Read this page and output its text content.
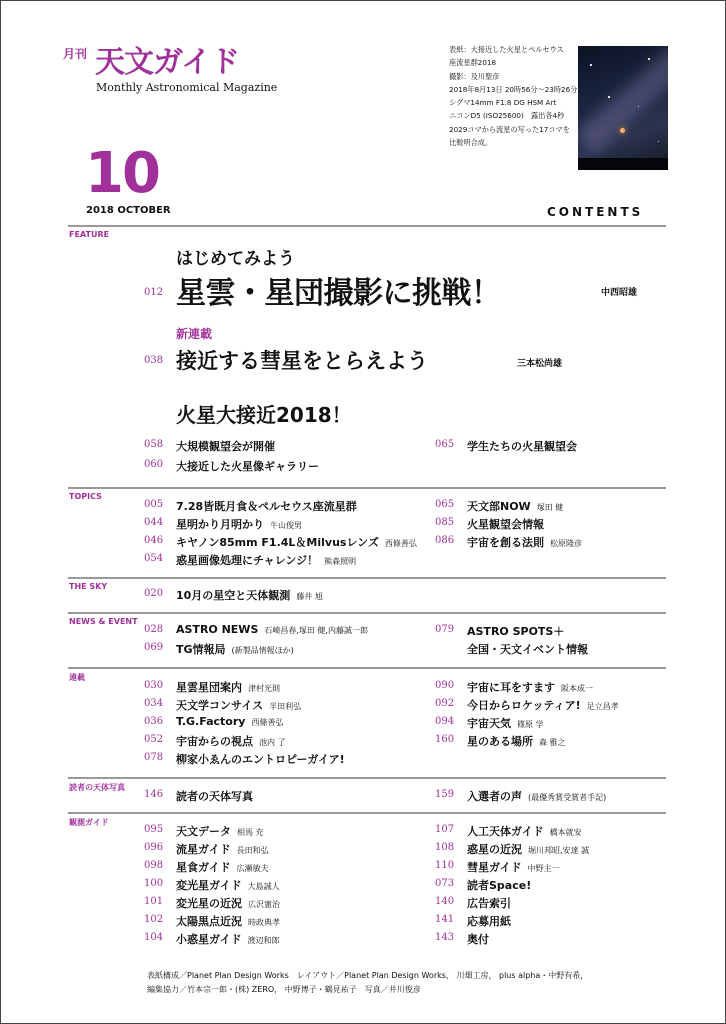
月刊 天文ガイド
Monthly Astronomical Magazine
10
2018 OCTOBER
表紙：大接近した火星とペルセウス
座流星群2018
撮影：及川聖彦
2018年8月13日 20時56分〜23時26分
シグマ14mm F1.8 DG HSM Art
ニコンD5 (ISO25600)　露出各4秒
2029コマから流星の写った17コマを
比較明合成。
CONTENTS
FEATURE
はじめてみよう
012 星雲・星団撮影に挑戦！	中西昭雄
新連載
038 接近する彗星をとらえよう	三本松尚雄
火星大接近2018！
058 大規模観望会が開催
060 大接近した火星像ギャラリー
065 学生たちの火星観望会
TOPICS
005 7.28皆既月食＆ペルセウス座流星群
044 星明かり月明かり 牛山俊男
046 キヤノン85mm F1.4L＆Milvusレンズ 西條善弘
054 惑星画像処理にチャレンジ！ 熊森照明
065 天文部NOW 塚田 健
085 火星観望会情報
086 宇宙を創る法則 松原隆彦
THE SKY
020 10月の星空と天体観測 藤井 旭
NEWS & EVENT
028 ASTRO NEWS 石崎昌春,塚田 健,内藤誠一郎
069 TG情報局 (新製品情報ほか)
079 ASTRO SPOTS＋
全国・天文イベント情報
連載
030 星雲星団案内 津村光則
034 天文学コンサイス 半田利弘
036 T.G.Factory 西條善弘
052 宇宙からの視点 池内 了
078 柳家小ゑんのエントロピーガイア!
090 宇宙に耳をすます 阪本成一
092 今日からロケッティア! 足立昌孝
094 宇宙天気 篠原 学
160 星のある場所 森 雅之
読者の天体写真
146 読者の天体写真	159 入選者の声 (最優秀賞受賞者手記)
観測ガイド
095 天文データ 相馬 充
096 流星ガイド 長田和弘
098 星食ガイド 広瀬敏夫
100 変光星ガイド 大島誠人
101 変光星の近況 広沢憲治
102 太陽黒点近況 時政典孝
104 小惑星ガイド 渡辺和郎
107 人工天体ガイド 橋本就安
108 惑星の近況 堀川邦昭,安達 誠
110 彗星ガイド 中野主一
073 読者Space!
140 広告索引
141 応募用紙
143 奥付
表紙構成／Planet Plan Design Works　レイアウト／Planet Plan Design Works， 川畑工房， plus alpha・中野有希，
編集協力／竹本宗一郎・(株) ZERO， 中野博子・鶴見祐子　写真／井川俊彦
